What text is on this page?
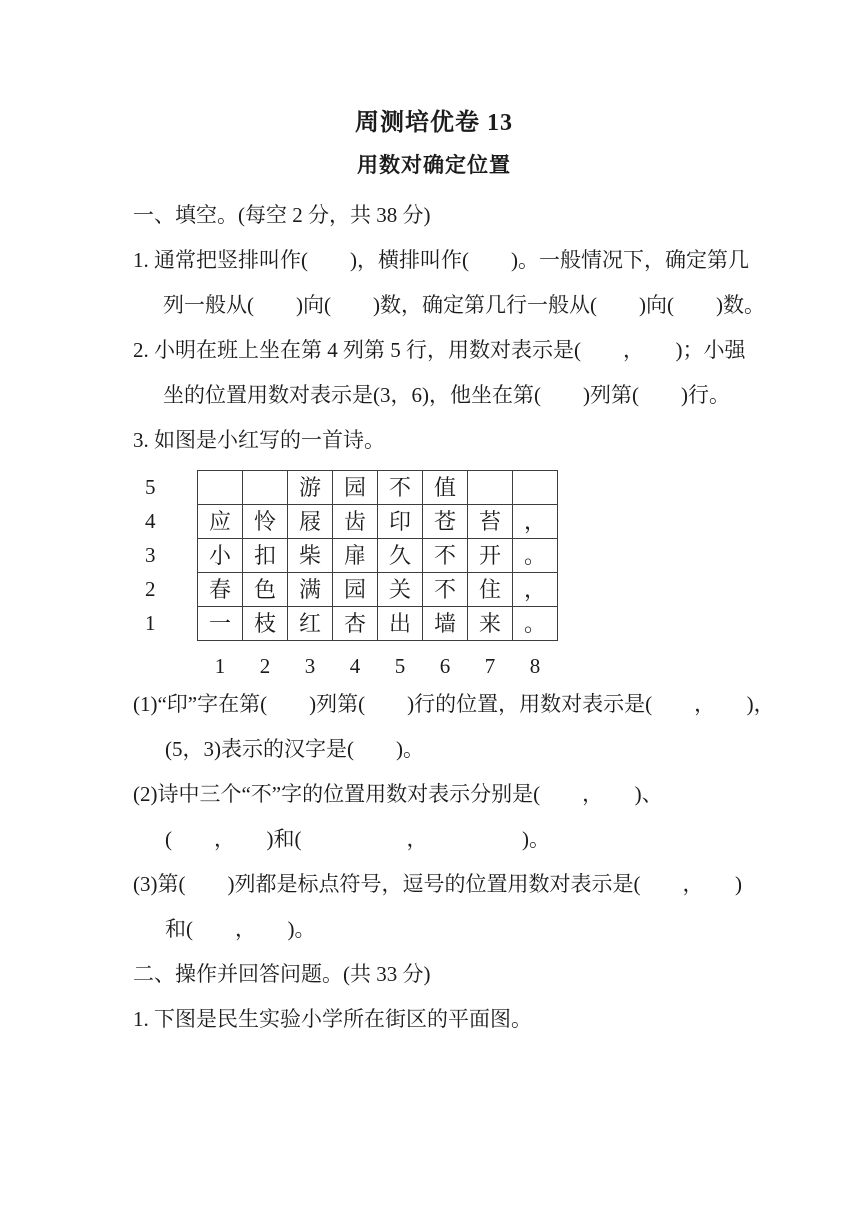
周测培优卷 13
用数对确定位置
一、填空。(每空 2 分，共 38 分)
1. 通常把竖排叫作(　　)，横排叫作(　　)。一般情况下，确定第几
列一般从(　　)向(　　)数，确定第几行一般从(　　)向(　　)数。
2. 小明在班上坐在第 4 列第 5 行，用数对表示是(　　，　　)；小强
坐的位置用数对表示是(3，6)，他坐在第(　　)列第(　　)行。
3. 如图是小红写的一首诗。
5			游	园	不	值		
4	应	怜	屐	齿	印	苍	苔	，
3	小	扣	柴	扉	久	不	开	。
2	春	色	满	园	关	不	住	，
1	一	枝	红	杏	出	墙	来	。
	1	2	3	4	5	6	7	8
(1)“印”字在第(　　)列第(　　)行的位置，用数对表示是(　　，　　)，
(5，3)表示的汉字是(　　)。
(2)诗中三个“不”字的位置用数对表示分别是(　　，　　)、
(　　，　　)和(　　　　　，　　　　　)。
(3)第(　　)列都是标点符号，逗号的位置用数对表示是(　　，　　)
和(　　，　　)。
二、操作并回答问题。(共 33 分)
1. 下图是民生实验小学所在街区的平面图。
